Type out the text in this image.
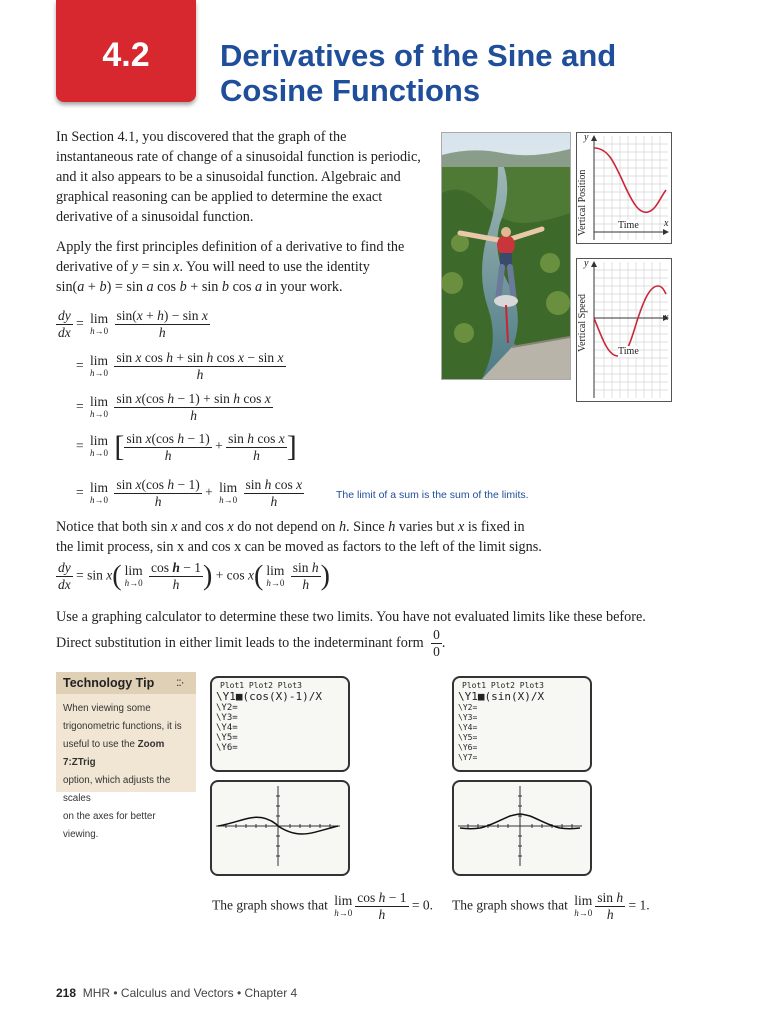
4.2	Derivatives of the Sine and
Cosine Functions
In Section 4.1, you discovered that the graph of the
instantaneous rate of change of a sinusoidal function is periodic,
and it also appears to be a sinusoidal function. Algebraic and
graphical reasoning can be applied to determine the exact
derivative of a sinusoidal function.
Apply the first principles definition of a derivative to find the
derivative of y = sin x. You will need to use the identity
sin(a + b) = sin a cos b + sin b cos a in your work.
$\frac{dy}{dx} = \lim$
h→0
$\frac{\text{sin(x + h) − sin x}}{h}$
= lim
h→0
$\frac{\text{sin x cos h + sin h cos x − sin x}}{h}$
= lim
h→0
$\frac{\text{sin x(cos h − 1) + sin h cos x}}{h}$
= lim
h→0 [ $\frac{\text{sin x(cos h − 1)}}{h} + \frac{\text{sin h cos x}}{h}$ ]
= lim
h→0
$\frac{\text{sin x(cos h − 1)}}{h} + \lim$
h→0
$\frac{\text{sin h cos x}}{h}$	The limit of a sum is the sum of the limits.
Notice that both sin x and cos x do not depend on h. Since h varies but x is fixed in
the limit process, sin x and cos x can be moved as factors to the left of the limit signs.
$\frac{dy}{dx} = \sin x$( lim
h→0
$\frac{\text{cos h − 1}}{h}$ ) + cos x( lim
h→0
$\frac{\text{sin h}}{h}$ )
Use a graphing calculator to determine these two limits. You have not evaluated limits like these before.
Direct substitution in either limit leads to the indeterminant form $\frac{0}{0}$ .
Vertical Position
y
x
Time
Vertical Speed
y
x
Time
Technology Tip ::·
When viewing some
trigonometric functions, it is
useful to use the Zoom 7:ZTrig
option, which adjusts the scales
on the axes for better viewing.
Plot1 Plot2 Plot3
\Y1■(cos(X)-1)/X
\Y2=
\Y3=
\Y4=
\Y5=
\Y6=
Plot1 Plot2 Plot3
\Y1■(sin(X)/X
\Y2=
\Y3=
\Y4=
\Y5=
\Y6=
\Y7=
The graph shows that lim
$h\to 0 \frac{\text{cos h − 1}}{h} = 0$. The graph shows that lim
$h\to 0 \frac{\text{sin h}}{h} = 1$.
218 MHR • Calculus and Vectors • Chapter 4
